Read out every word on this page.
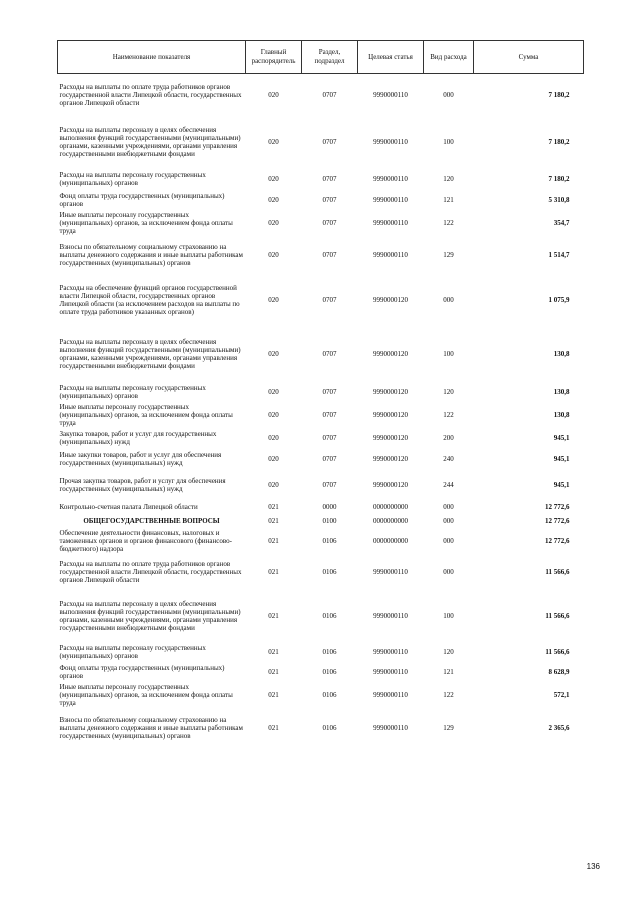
Наименование показателя	Главный распорядитель	Раздел, подраздел	Целевая статья	Вид расхода	Сумма
Расходы на выплаты по оплате труда работников органов государственной власти Липецкой области, государственных органов Липецкой области	020	0707	9990000110	000	7 180,2
Расходы на выплаты персоналу в целях обеспечения выполнения функций государственными (муниципальными) органами, казенными учреждениями, органами управления государственными внебюджетными фондами	020	0707	9990000110	100	7 180,2
Расходы на выплаты персоналу государственных (муниципальных) органов	020	0707	9990000110	120	7 180,2
Фонд оплаты труда государственных (муниципальных) органов	020	0707	9990000110	121	5 310,8
Иные выплаты персоналу государственных (муниципальных) органов, за исключением фонда оплаты труда	020	0707	9990000110	122	354,7
Взносы по обязательному социальному страхованию на выплаты денежного содержания и иные выплаты работникам государственных (муниципальных) органов	020	0707	9990000110	129	1 514,7
Расходы на обеспечение функций органов государственной власти Липецкой области, государственных органов Липецкой области (за исключением расходов на выплаты по оплате труда работников указанных органов)	020	0707	9990000120	000	1 075,9
Расходы на выплаты персоналу в целях обеспечения выполнения функций государственными (муниципальными) органами, казенными учреждениями, органами управления государственными внебюджетными фондами	020	0707	9990000120	100	130,8
Расходы на выплаты персоналу государственных (муниципальных) органов	020	0707	9990000120	120	130,8
Иные выплаты персоналу государственных (муниципальных) органов, за исключением фонда оплаты труда	020	0707	9990000120	122	130,8
Закупка товаров, работ и услуг для государственных (муниципальных) нужд	020	0707	9990000120	200	945,1
Иные закупки товаров, работ и услуг для обеспечения государственных (муниципальных) нужд	020	0707	9990000120	240	945,1
Прочая закупка товаров, работ и услуг для обеспечения государственных (муниципальных) нужд	020	0707	9990000120	244	945,1
Контрольно-счетная палата Липецкой области	021	0000	0000000000	000	12 772,6
ОБЩЕГОСУДАРСТВЕННЫЕ ВОПРОСЫ	021	0100	0000000000	000	12 772,6
Обеспечение деятельности финансовых, налоговых и таможенных органов и органов финансового (финансово-бюджетного) надзора	021	0106	0000000000	000	12 772,6
Расходы на выплаты по оплате труда работников органов государственной власти Липецкой области, государственных органов Липецкой области	021	0106	9990000110	000	11 566,6
Расходы на выплаты персоналу в целях обеспечения выполнения функций государственными (муниципальными) органами, казенными учреждениями, органами управления государственными внебюджетными фондами	021	0106	9990000110	100	11 566,6
Расходы на выплаты персоналу государственных (муниципальных) органов	021	0106	9990000110	120	11 566,6
Фонд оплаты труда государственных (муниципальных) органов	021	0106	9990000110	121	8 628,9
Иные выплаты персоналу государственных (муниципальных) органов, за исключением фонда оплаты труда	021	0106	9990000110	122	572,1
Взносы по обязательному социальному страхованию на выплаты денежного содержания и иные выплаты работникам государственных (муниципальных) органов	021	0106	9990000110	129	2 365,6
136
